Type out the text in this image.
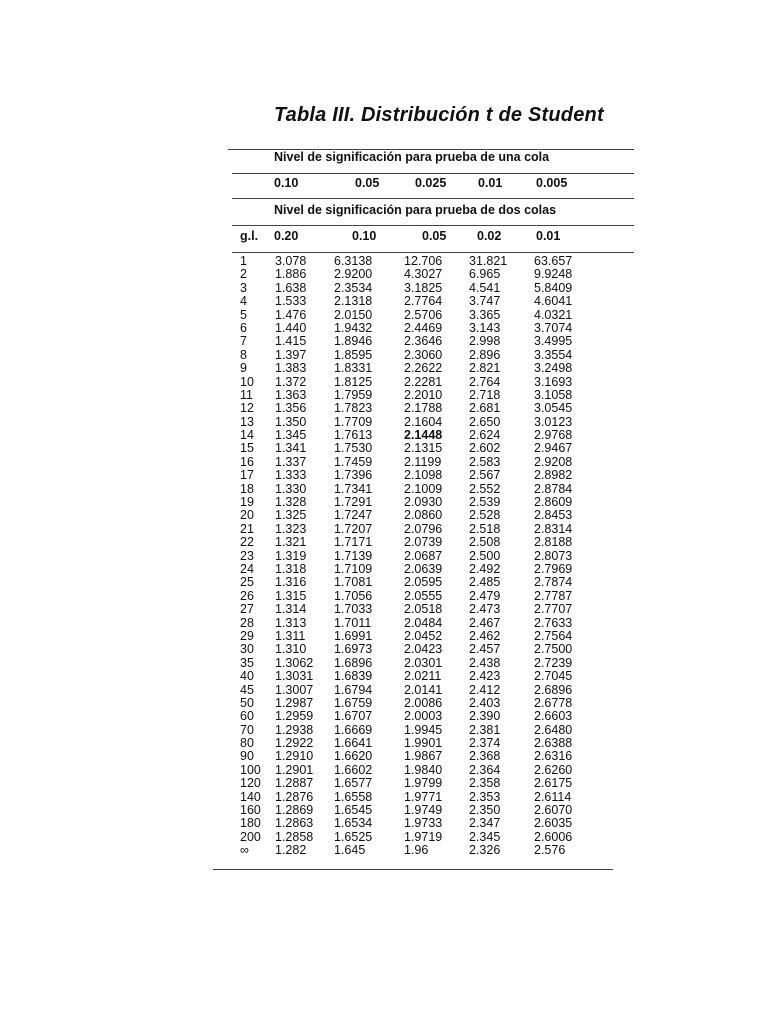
Tabla III. Distribución t de Student
Nivel de significación para prueba de una cola
0.10	0.05	0.025	0.01	0.005
Nivel de significación para prueba de dos colas
g.l. 0.20	0.10	0.05 0.02	0.01
1 3.078 6.3138	12.706 31.821 63.657
2 1.886 2.9200	4.3027 6.965	9.9248
3 1.638 2.3534	3.1825 4.541	5.8409
4 1.533 2.1318	2.7764 3.747	4.6041
5 1.476 2.0150	2.5706 3.365	4.0321
6 1.440 1.9432	2.4469 3.143	3.7074
7 1.415 1.8946	2.3646 2.998	3.4995
8 1.397 1.8595	2.3060 2.896	3.3554
9 1.383 1.8331	2.2622 2.821	3.2498
10 1.372 1.8125	2.2281 2.764	3.1693
11 1.363 1.7959	2.2010 2.718	3.1058
12 1.356 1.7823	2.1788 2.681	3.0545
13 1.350 1.7709	2.1604 2.650	3.0123
14 1.345 1.7613	2.1448 2.624	2.9768
15 1.341 1.7530	2.1315 2.602	2.9467
16 1.337 1.7459	2.1199 2.583	2.9208
17 1.333 1.7396	2.1098 2.567	2.8982
18 1.330 1.7341	2.1009 2.552	2.8784
19 1.328 1.7291	2.0930 2.539	2.8609
20 1.325 1.7247	2.0860 2.528	2.8453
21 1.323 1.7207	2.0796 2.518	2.8314
22 1.321 1.7171	2.0739 2.508	2.8188
23 1.319 1.7139	2.0687 2.500	2.8073
24 1.318 1.7109	2.0639 2.492	2.7969
25 1.316 1.7081	2.0595 2.485	2.7874
26 1.315 1.7056	2.0555 2.479	2.7787
27 1.314 1.7033	2.0518 2.473	2.7707
28 1.313 1.7011	2.0484 2.467	2.7633
29 1.311 1.6991	2.0452 2.462	2.7564
30 1.310 1.6973	2.0423 2.457	2.7500
35 1.3062 1.6896	2.0301 2.438	2.7239
40 1.3031 1.6839	2.0211 2.423	2.7045
45 1.3007 1.6794	2.0141 2.412	2.6896
50 1.2987 1.6759	2.0086 2.403	2.6778
60 1.2959 1.6707	2.0003 2.390	2.6603
70 1.2938 1.6669	1.9945 2.381	2.6480
80 1.2922 1.6641	1.9901 2.374	2.6388
90 1.2910 1.6620	1.9867 2.368	2.6316
100 1.2901 1.6602	1.9840 2.364	2.6260
120 1.2887 1.6577	1.9799 2.358	2.6175
140 1.2876 1.6558	1.9771 2.353	2.6114
160 1.2869 1.6545	1.9749 2.350	2.6070
180 1.2863 1.6534	1.9733 2.347	2.6035
200 1.2858 1.6525	1.9719 2.345	2.6006
∞ 1.282 1.645	1.96	2.326	2.576
